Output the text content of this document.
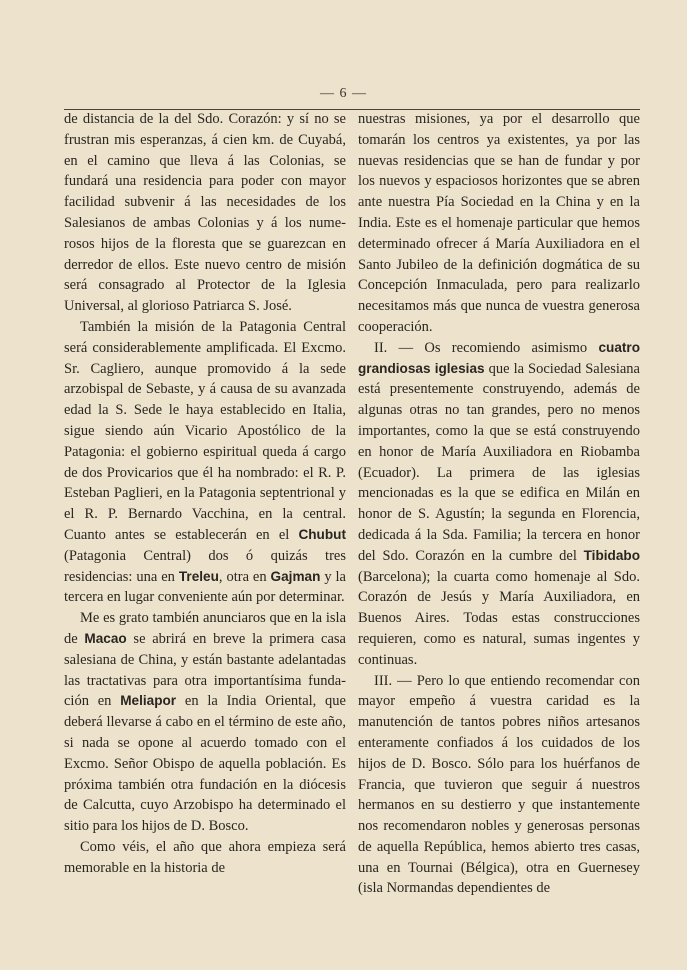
— 6 —

de distancia de la del Sdo. Corazón: y sí no se frustran mis esperanzas, á cien km. de Cuyabá, en el camino que lleva á las Colonias, se fundará una residencia para poder con mayor facilidad subvenir á las necesidades de los Salesianos de ambas Colonias y á los numerosos hijos de la floresta que se guarezcan en derredor de ellos. Este nuevo centro de misión será consagrado al Protector de la Iglesia Universal, al glorioso Patriarca S. José.

También la misión de la Patagonia Central será considerablemente amplificada. El Excmo. Sr. Cagliero, aunque promovido á la sede arzobispal de Sebaste, y á causa de su avanzada edad la S. Sede le haya establecido en Italia, sigue siendo aún Vicario Apostólico de la Patagonia: el gobierno espiritual queda á cargo de dos Provicarios que él ha nombrado: el R. P. Esteban Paglieri, en la Patagonia septentrional y el R. P. Bernardo Vacchina, en la central. Cuanto antes se establecerán en el Chubut (Patagonia Central) dos ó quizás tres residencias: una en Treleu, otra en Gajman y la tercera en lugar conveniente aún por determinar.

Me es grato también anunciaros que en la isla de Macao se abrirá en breve la primera casa salesiana de China, y están bastante adelantadas las tractativas para otra importantísima fundación en Meliapor en la India Oriental, que deberá llevarse á cabo en el término de este año, si nada se opone al acuerdo tomado con el Excmo. Señor Obispo de aquella población. Es próxima también otra fundación en la diócesis de Calcutta, cuyo Arzobispo ha determinado el sitio para los hijos de D. Bosco.

Como véis, el año que ahora empieza será memorable en la historia de

nuestras misiones, ya por el desarrollo que tomarán los centros ya existentes, ya por las nuevas residencias que se han de fundar y por los nuevos y espaciosos horizontes que se abren ante nuestra Pía Sociedad en la China y en la India. Este es el homenaje particular que hemos determinado ofrecer á María Auxiliadora en el Santo Jubileo de la definición dogmática de su Concepción Inmaculada, pero para realizarlo necesitamos más que nunca de vuestra generosa cooperación.

II. — Os recomiendo asimismo cuatro grandiosas iglesias que la Sociedad Salesiana está presentemente construyendo, además de algunas otras no tan grandes, pero no menos importantes, como la que se está construyendo en honor de María Auxiliadora en Riobamba (Ecuador). La primera de las iglesias mencionadas es la que se edifica en Milán en honor de S. Agustín; la segunda en Florencia, dedicada á la Sda. Familia; la tercera en honor del Sdo. Corazón en la cumbre del Tibidabo (Barcelona); la cuarta como homenaje al Sdo. Corazón de Jesús y María Auxiliadora, en Buenos Aires. Todas estas construcciones requieren, como es natural, sumas ingentes y continuas.

III. — Pero lo que entiendo recomendar con mayor empeño á vuestra caridad es la manutención de tantos pobres niños artesanos enteramente confiados á los cuidados de los hijos de D. Bosco. Sólo para los huérfanos de Francia, que tuvieron que seguir á nuestros hermanos en su destierro y que instantemente nos recomendaron nobles y generosas personas de aquella República, hemos abierto tres casas, una en Tournai (Bélgica), otra en Guernesey (isla Normandas dependientes de
